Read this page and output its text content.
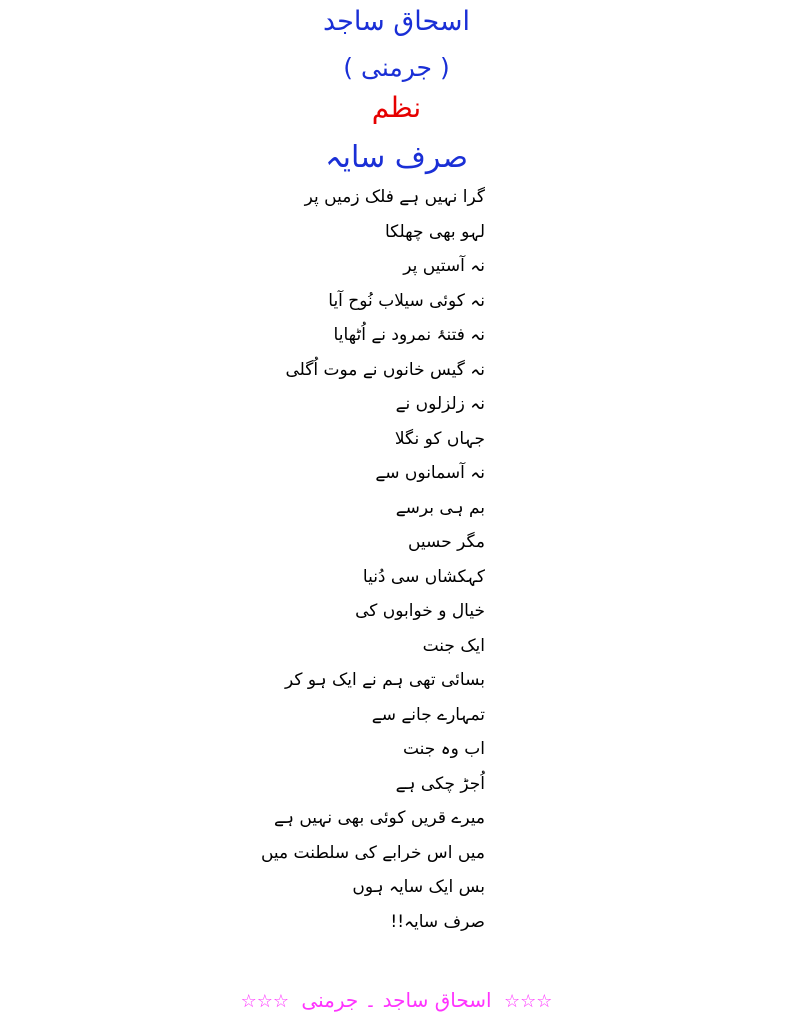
اسحاق ساجد
( جرمنی )
نظم
صرف سایہ
گرا نہیں ہے فلک زمیں پر
لہو بھی چھلکا
نہ آستیں پر
نہ کوئی سیلاب نُوح آیا
نہ فتنۂ نمرود نے اُٹھایا
نہ گیس خانوں نے موت اُگلی
نہ زلزلوں نے
جہاں کو نگلا
نہ آسمانوں سے
بم ہی برسے
مگر حسیں
کہکشاں سی دُنیا
خیال و خوابوں کی
ایک جنت
بسائی تھی ہم نے ایک ہو کر
تمہارے جانے سے
اب وہ جنت
اُجڑ چکی ہے
میرے قریں کوئی بھی نہیں ہے
میں اس خرابے کی سلطنت میں
بس ایک سایہ ہوں
صرف سایہ!!
☆☆☆ اسحاق ساجد ۔ جرمنی ☆☆☆
